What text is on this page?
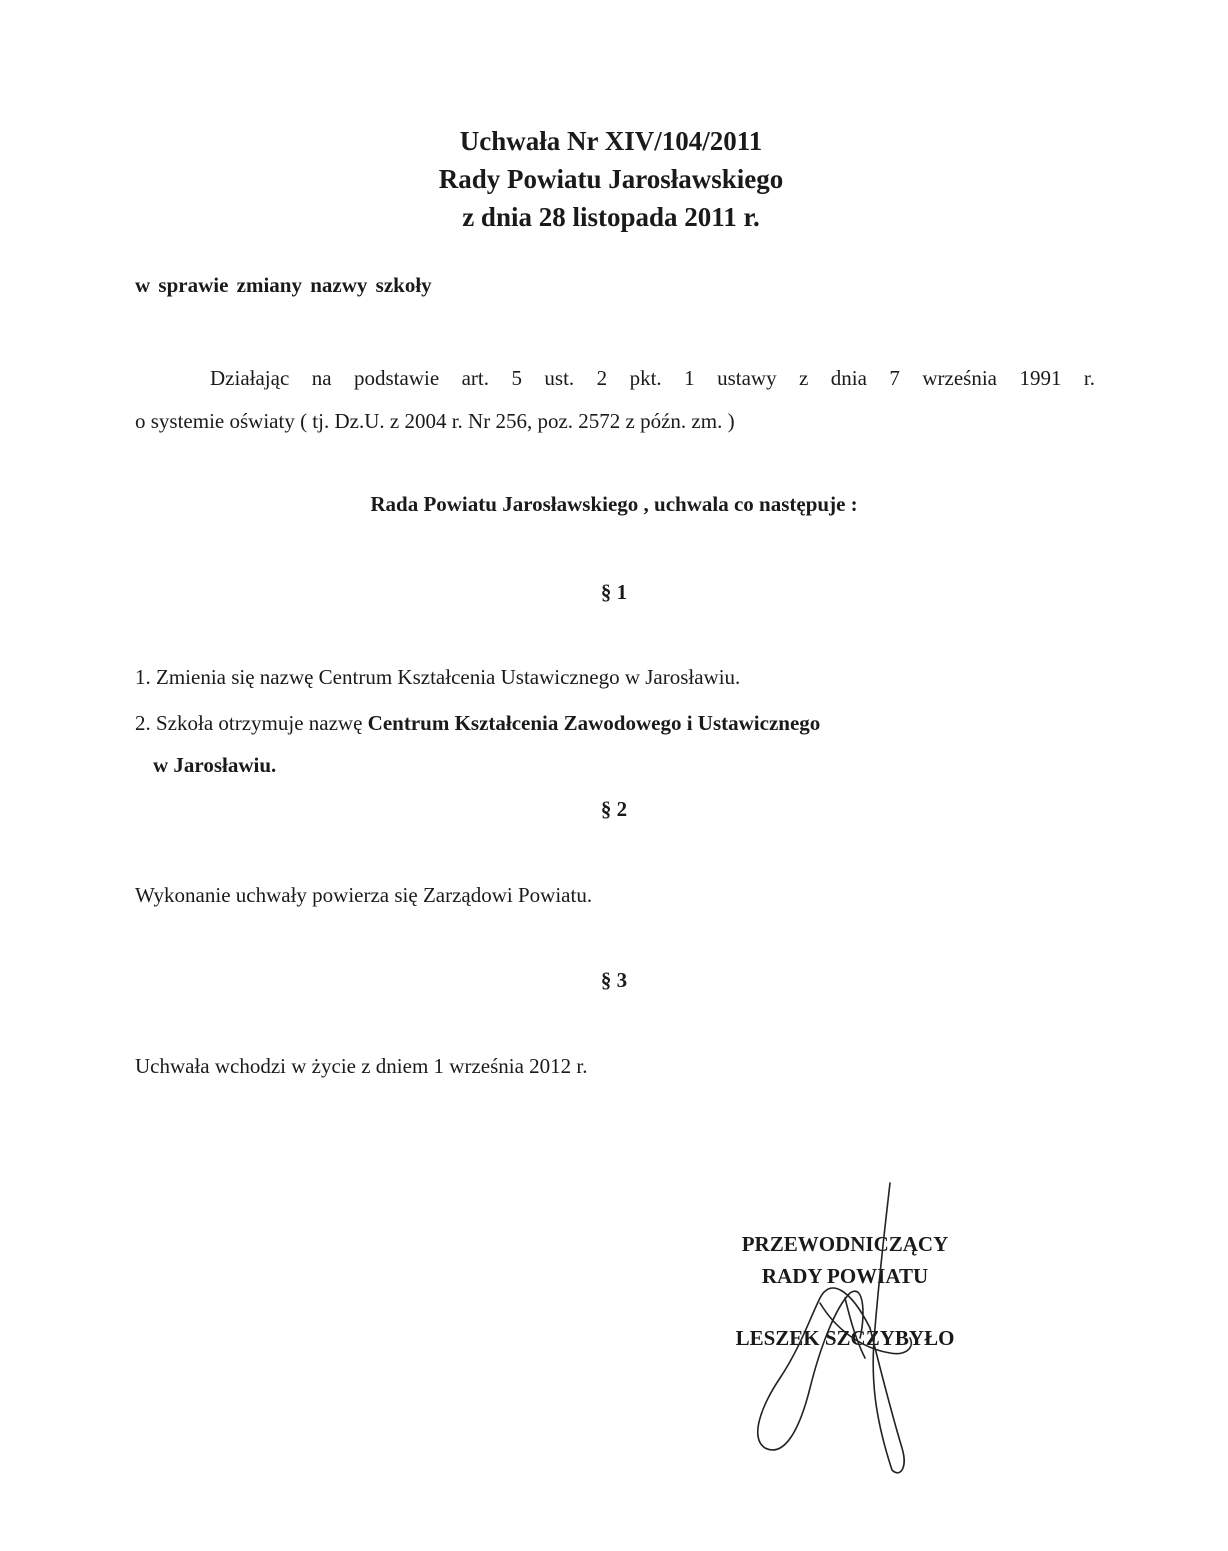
Uchwała Nr XIV/104/2011
Rady Powiatu Jarosławskiego
z dnia 28 listopada 2011 r.
w sprawie zmiany nazwy szkoły
Działając na podstawie art. 5 ust. 2 pkt. 1 ustawy z dnia 7 września 1991 r.
o systemie oświaty ( tj. Dz.U. z 2004 r. Nr 256, poz. 2572 z późn. zm. )
Rada Powiatu Jarosławskiego , uchwala co następuje :
§ 1
1. Zmienia się nazwę Centrum Kształcenia Ustawicznego w Jarosławiu.
2. Szkoła otrzymuje nazwę Centrum Kształcenia Zawodowego i Ustawicznego
w Jarosławiu.
§ 2
Wykonanie uchwały powierza się Zarządowi Powiatu.
§ 3
Uchwała wchodzi w życie z dniem 1 września 2012 r.
PRZEWODNICZĄCY
RADY POWIATU
LESZEK SZCZYBYŁO
